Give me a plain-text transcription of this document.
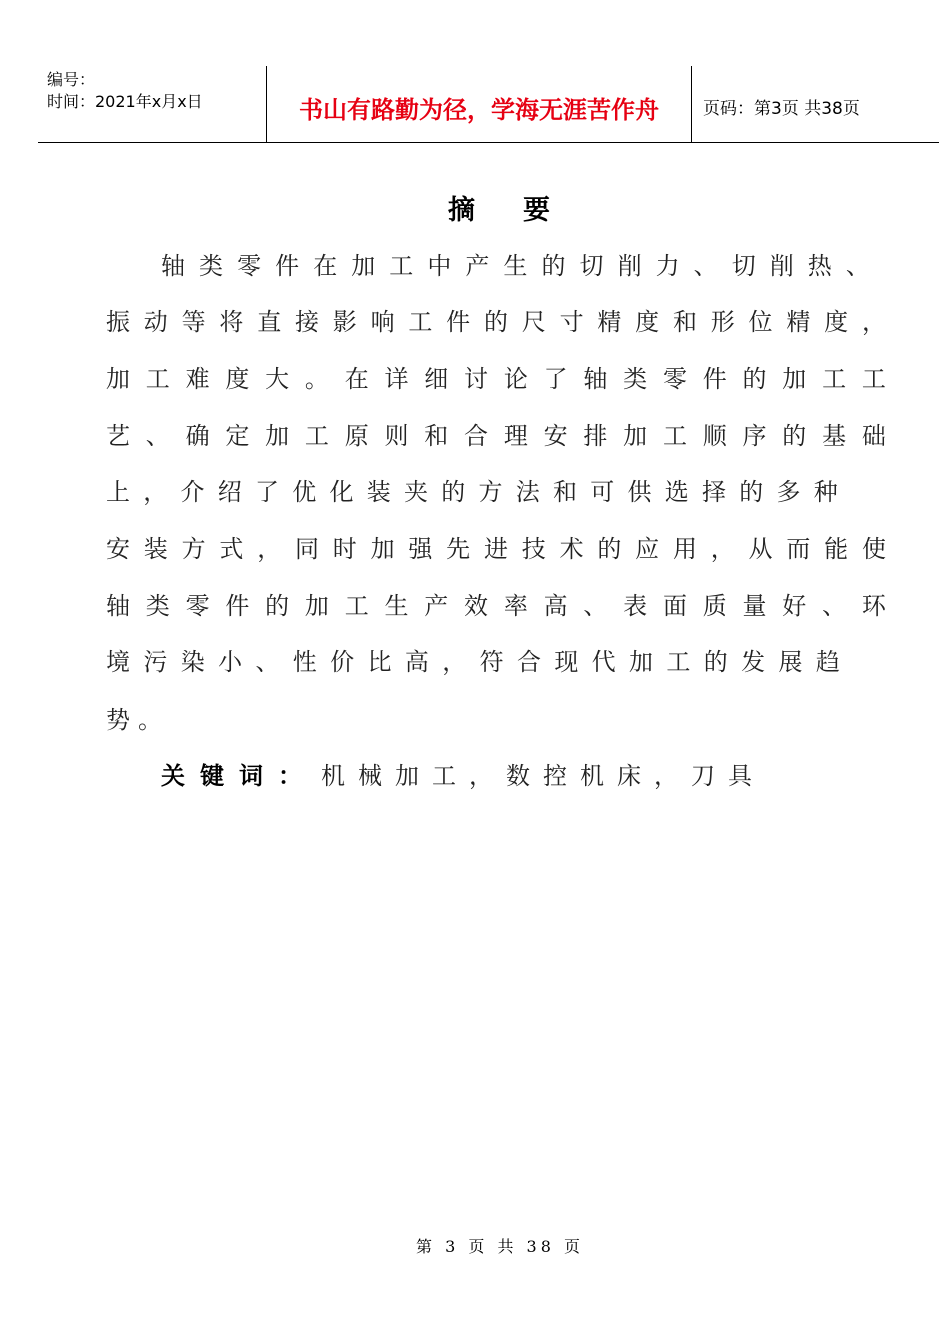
编号：
时间：2021年x月x日	书山有路勤为径，学海无涯苦作舟	页码：第3页 共38页
摘要
轴 类 零 件 在 加 工 中 产 生 的 切 削 力 、 切 削 热 、
振 动 等 将 直 接 影 响 工 件 的 尺 寸 精 度 和 形 位 精 度 ，
加 工 难 度 大 。 在 详 细 讨 论 了 轴 类 零 件 的 加 工 工
艺 、 确 定 加 工 原 则 和 合 理 安 排 加 工 顺 序 的 基 础
上 ， 介 绍 了 优 化 装 夹 的 方 法 和 可 供 选 择 的 多 种
安 装 方 式 ， 同 时 加 强 先 进 技 术 的 应 用 ， 从 而 能 使
轴 类 零 件 的 加 工 生 产 效 率 高 、 表 面 质 量 好 、 环
境 污 染 小 、 性 价 比 高 ， 符 合 现 代 加 工 的 发 展 趋
势 。
关键词： 机械加工，数控机床，刀具
第 3 页 共 38 页
